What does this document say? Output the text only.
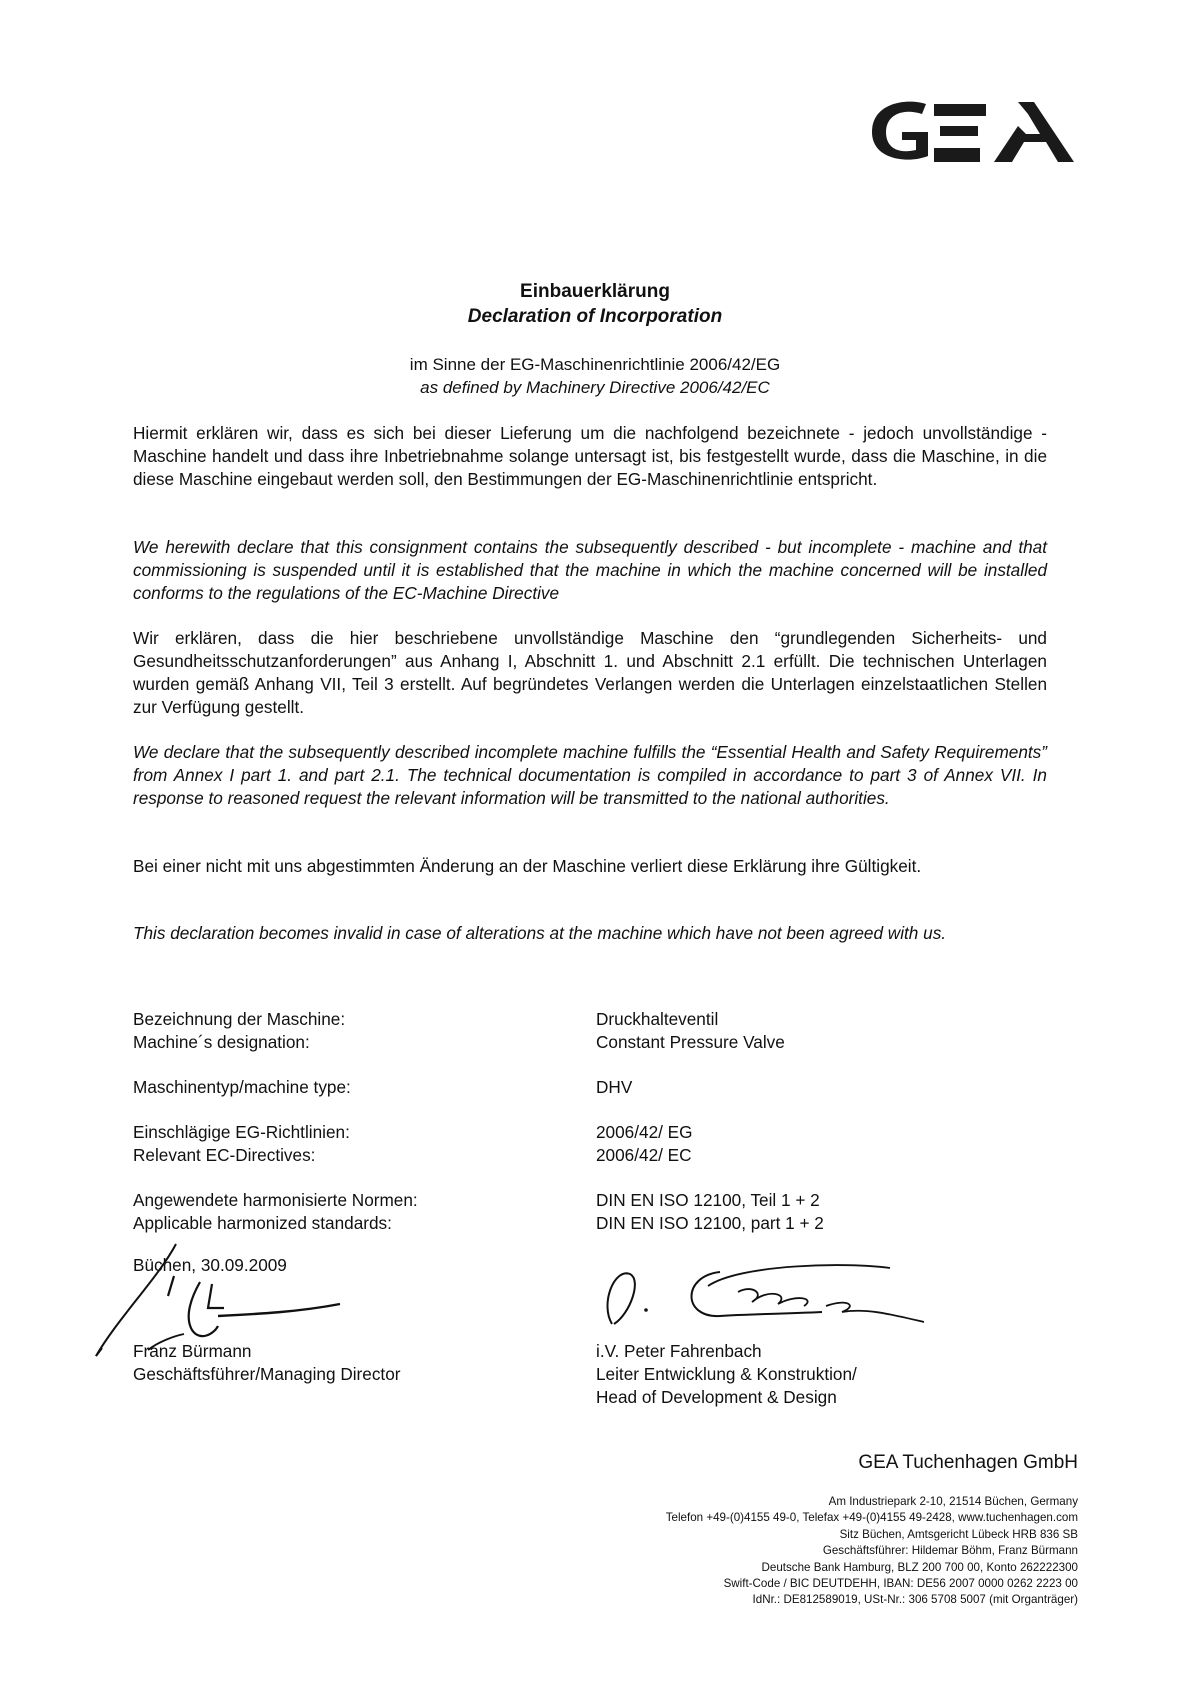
Einbauerklärung
Declaration of Incorporation
im Sinne der EG-Maschinenrichtlinie 2006/42/EG
as defined by Machinery Directive 2006/42/EC
Hiermit erklären wir, dass es sich bei dieser Lieferung um die nachfolgend bezeichnete - jedoch unvollständige - Maschine handelt und dass ihre Inbetriebnahme solange untersagt ist, bis festgestellt wurde, dass die Maschine, in die diese Maschine eingebaut werden soll, den Bestimmungen der EG-Maschinenrichtlinie entspricht.
We herewith declare that this consignment contains the subsequently described - but incomplete - machine and that commissioning is suspended until it is established that the machine in which the machine concerned will be installed conforms to the regulations of the EC-Machine Directive
Wir erklären, dass die hier beschriebene unvollständige Maschine den “grundlegenden Sicherheits- und Gesundheitsschutzanforderungen” aus Anhang I, Abschnitt 1. und Abschnitt 2.1 erfüllt. Die technischen Unterlagen wurden gemäß Anhang VII, Teil 3 erstellt. Auf begründetes Verlangen werden die Unterlagen einzelstaatlichen Stellen zur Verfügung gestellt.
We declare that the subsequently described incomplete machine fulfills the “Essential Health and Safety Requirements” from Annex I part 1. and part 2.1. The technical documentation is compiled in accordance to part 3 of Annex VII. In response to reasoned request the relevant information will be transmitted to the national authorities.
Bei einer nicht mit uns abgestimmten Änderung an der Maschine verliert diese Erklärung ihre Gültigkeit.
This declaration becomes invalid in case of alterations at the machine which have not been agreed with us.
Bezeichnung der Maschine:
Machine´s designation:
Druckhalteventil
Constant Pressure Valve
Maschinentyp/machine type:	DHV
Einschlägige EG-Richtlinien:
Relevant EC-Directives:
2006/42/ EG
2006/42/ EC
Angewendete harmonisierte Normen:
Applicable harmonized standards:
DIN EN ISO 12100, Teil 1 + 2
DIN EN ISO 12100, part 1 + 2
Büchen, 30.09.2009
Franz Bürmann
Geschäftsführer/Managing Director
i.V. Peter Fahrenbach
Leiter Entwicklung & Konstruktion/
Head of Development & Design
GEA Tuchenhagen GmbH
Am Industriepark 2-10, 21514 Büchen, Germany
Telefon +49-(0)4155 49-0, Telefax +49-(0)4155 49-2428, www.tuchenhagen.com
Sitz Büchen, Amtsgericht Lübeck HRB 836 SB
Geschäftsführer: Hildemar Böhm, Franz Bürmann
Deutsche Bank Hamburg, BLZ 200 700 00, Konto 262222300
Swift-Code / BIC DEUTDEHH, IBAN: DE56 2007 0000 0262 2223 00
IdNr.: DE812589019, USt-Nr.: 306 5708 5007 (mit Organträger)
